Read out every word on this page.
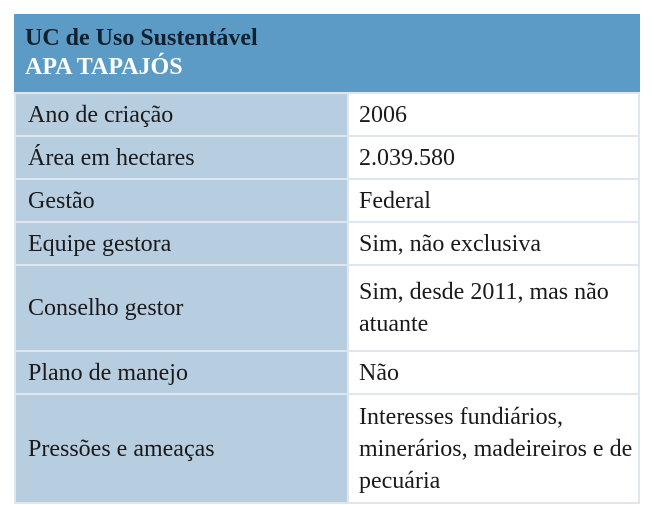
UC de Uso Sustentável
APA TAPAJÓS
Ano de criação	2006
Área em hectares	2.039.580
Gestão	Federal
Equipe gestora	Sim, não exclusiva
Conselho gestor	Sim, desde 2011, mas não atuante
Plano de manejo	Não
Pressões e ameaças	Interesses fundiários, minerários, madeireiros e de pecuária
